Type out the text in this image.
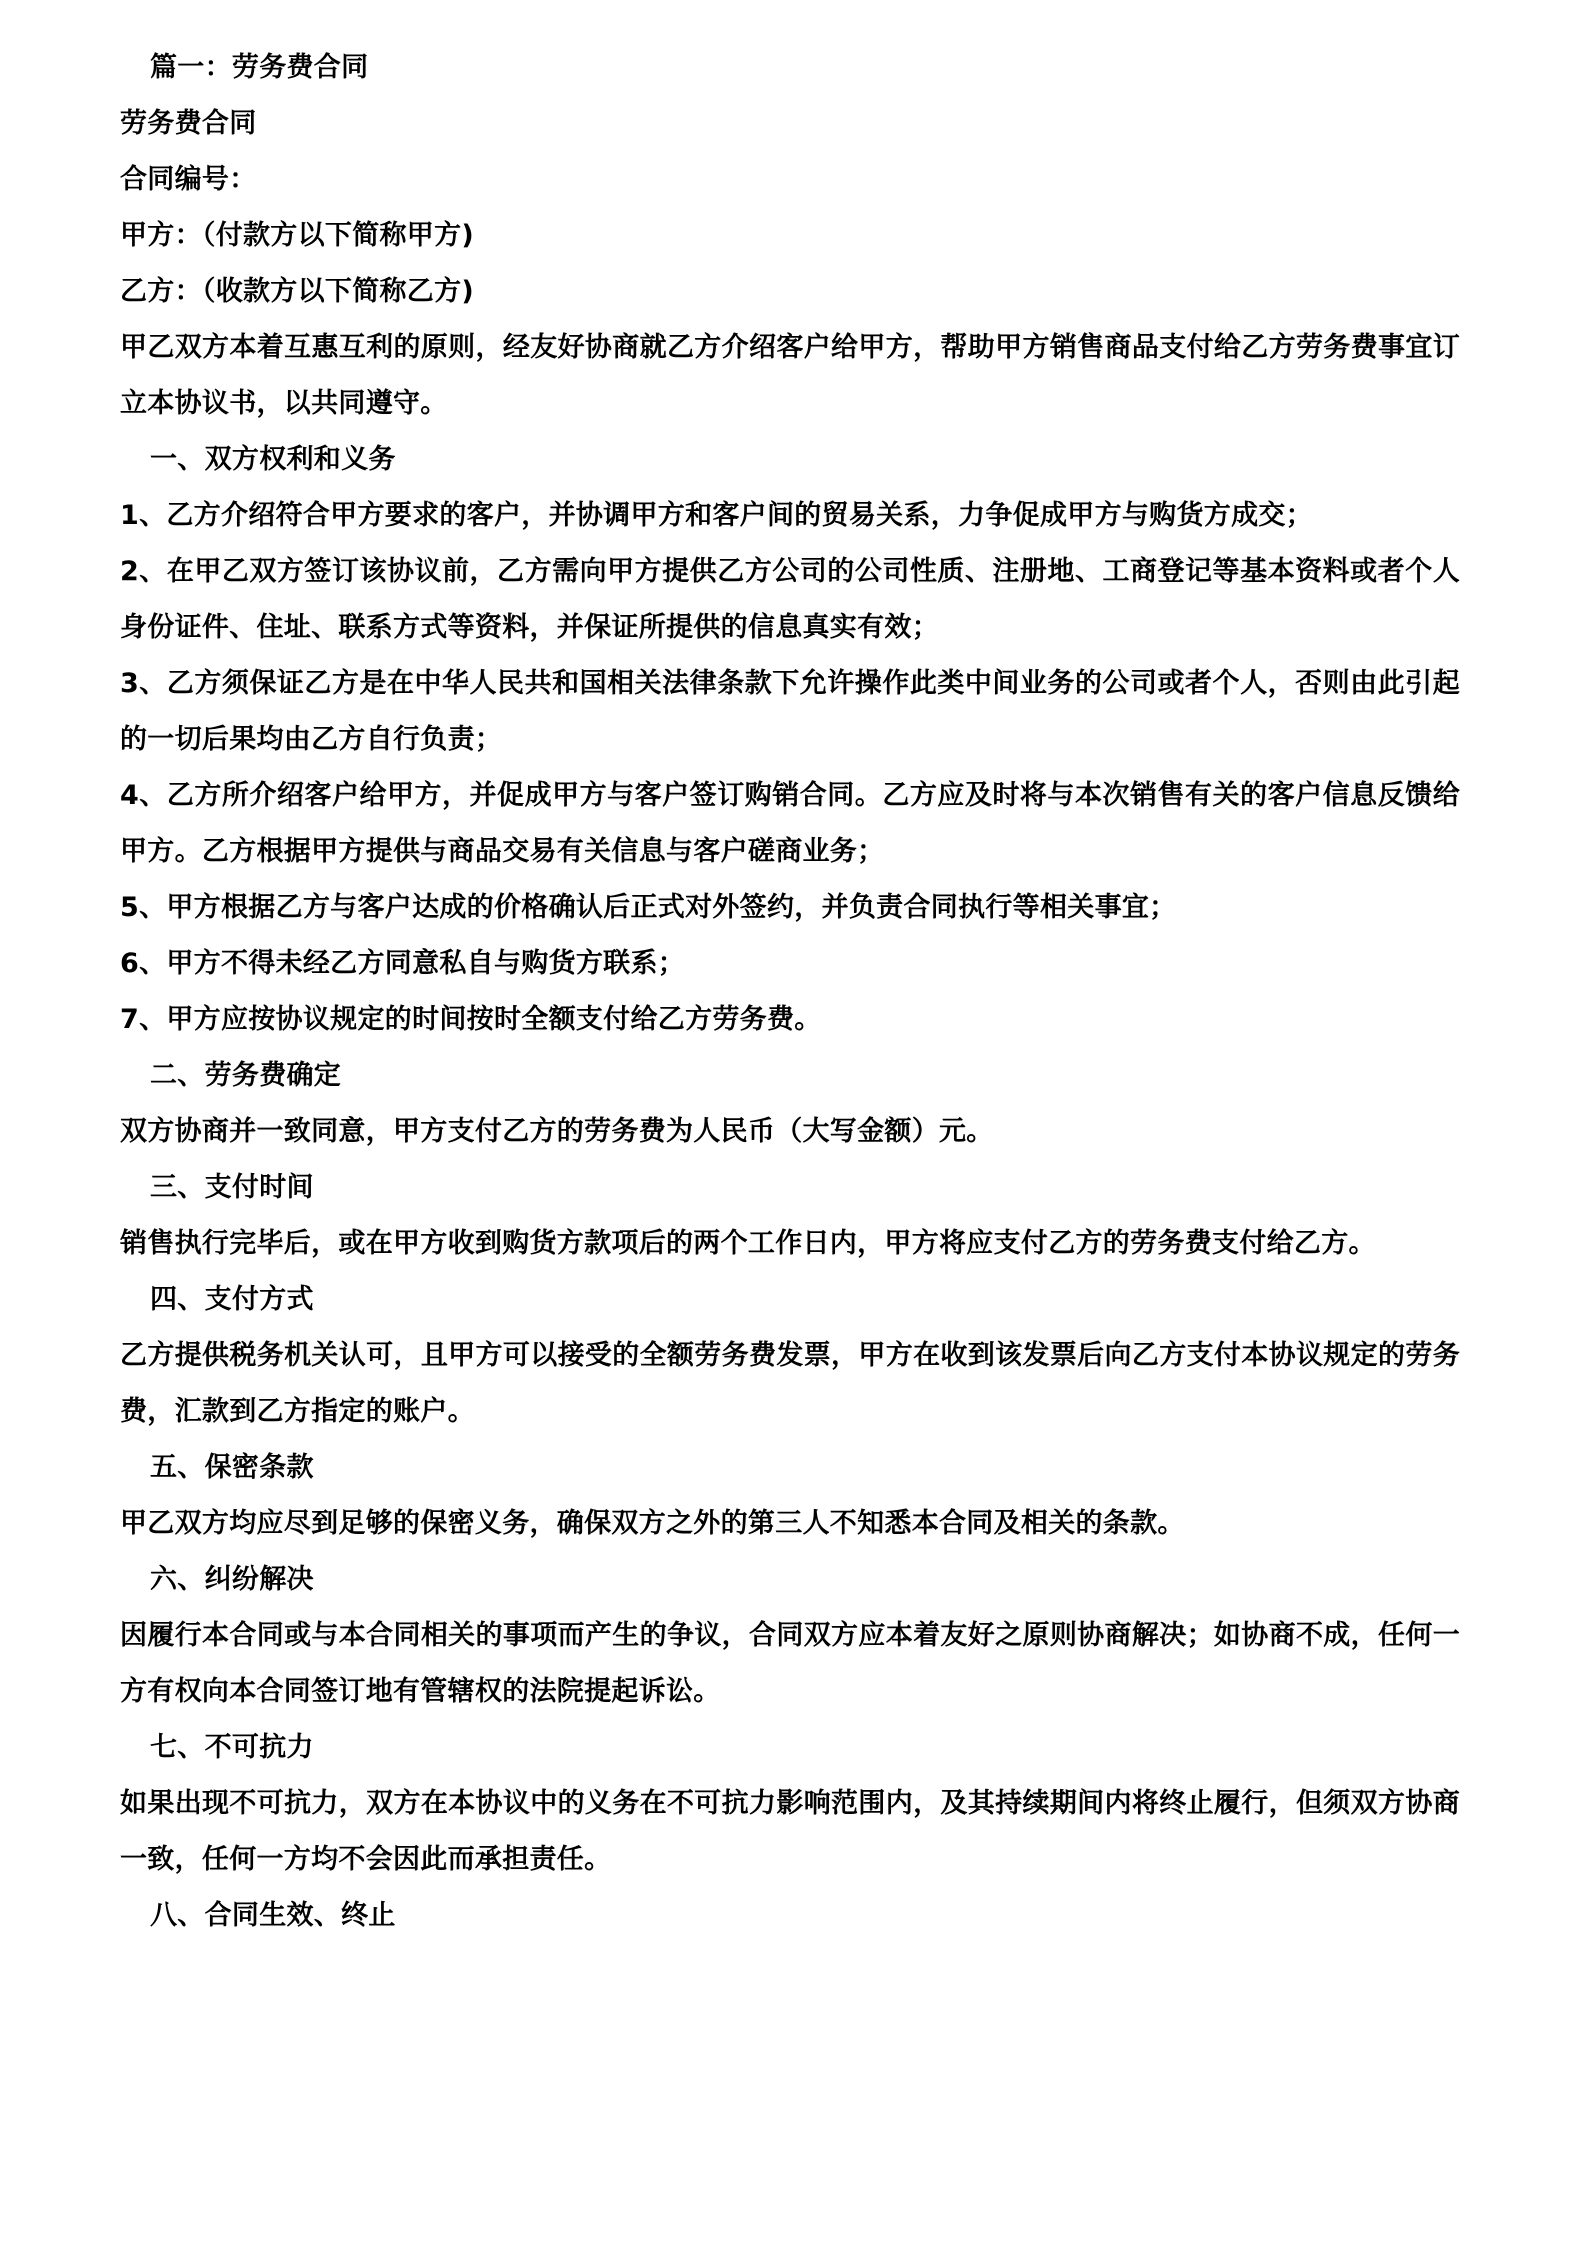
篇一：劳务费合同

劳务费合同

合同编号：

甲方：（付款方以下简称甲方)

乙方：（收款方以下简称乙方)

甲乙双方本着互惠互利的原则，经友好协商就乙方介绍客户给甲方，帮助甲方销售商品支付给乙方劳务费事宜订立本协议书，以共同遵守。

一、双方权利和义务

1、乙方介绍符合甲方要求的客户，并协调甲方和客户间的贸易关系，力争促成甲方与购货方成交；

2、在甲乙双方签订该协议前，乙方需向甲方提供乙方公司的公司性质、注册地、工商登记等基本资料或者个人身份证件、住址、联系方式等资料，并保证所提供的信息真实有效；

3、乙方须保证乙方是在中华人民共和国相关法律条款下允许操作此类中间业务的公司或者个人，否则由此引起的一切后果均由乙方自行负责；

4、乙方所介绍客户给甲方，并促成甲方与客户签订购销合同。乙方应及时将与本次销售有关的客户信息反馈给甲方。乙方根据甲方提供与商品交易有关信息与客户磋商业务；

5、甲方根据乙方与客户达成的价格确认后正式对外签约，并负责合同执行等相关事宜；

6、甲方不得未经乙方同意私自与购货方联系；

7、甲方应按协议规定的时间按时全额支付给乙方劳务费。

二、劳务费确定

双方协商并一致同意，甲方支付乙方的劳务费为人民币（大写金额）元。

三、支付时间

销售执行完毕后，或在甲方收到购货方款项后的两个工作日内，甲方将应支付乙方的劳务费支付给乙方。

四、支付方式

乙方提供税务机关认可，且甲方可以接受的全额劳务费发票，甲方在收到该发票后向乙方支付本协议规定的劳务费，汇款到乙方指定的账户。

五、保密条款

甲乙双方均应尽到足够的保密义务，确保双方之外的第三人不知悉本合同及相关的条款。

六、纠纷解决

因履行本合同或与本合同相关的事项而产生的争议，合同双方应本着友好之原则协商解决；如协商不成，任何一方有权向本合同签订地有管辖权的法院提起诉讼。

七、不可抗力

如果出现不可抗力，双方在本协议中的义务在不可抗力影响范围内，及其持续期间内将终止履行，但须双方协商一致，任何一方均不会因此而承担责任。

八、合同生效、终止
